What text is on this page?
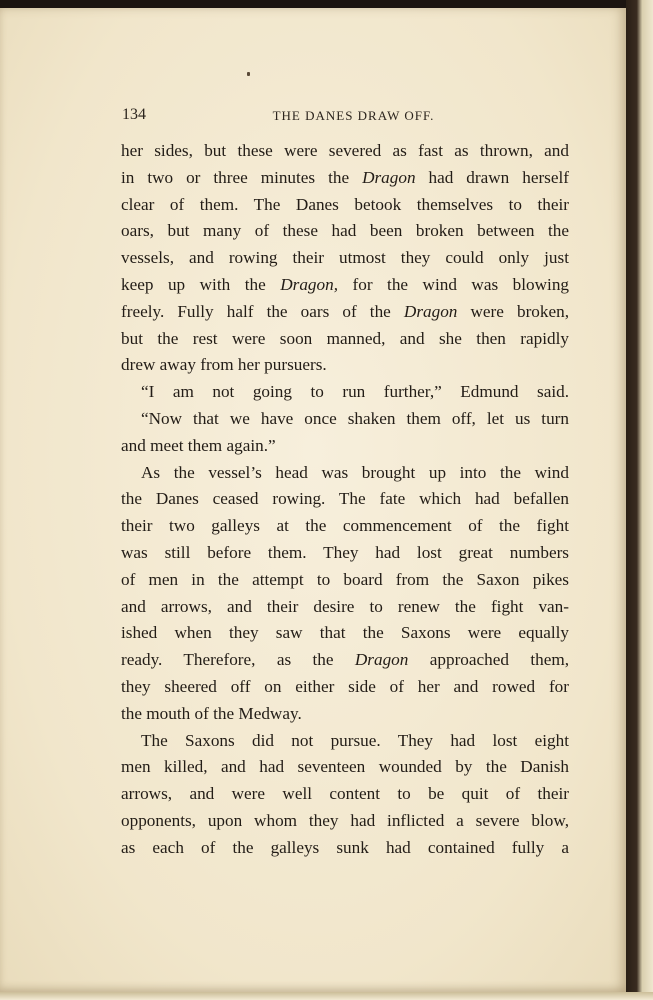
134	THE DANES DRAW OFF.
her sides, but these were severed as fast as thrown, and
in two or three minutes the Dragon had drawn herself
clear of them. The Danes betook themselves to their
oars, but many of these had been broken between the
vessels, and rowing their utmost they could only just
keep up with the Dragon, for the wind was blowing
freely. Fully half the oars of the Dragon were broken,
but the rest were soon manned, and she then rapidly
drew away from her pursuers.
“I am not going to run further,” Edmund said.
“Now that we have once shaken them off, let us turn
and meet them again.”
As the vessel’s head was brought up into the wind
the Danes ceased rowing. The fate which had befallen
their two galleys at the commencement of the fight
was still before them. They had lost great numbers
of men in the attempt to board from the Saxon pikes
and arrows, and their desire to renew the fight van-
ished when they saw that the Saxons were equally
ready. Therefore, as the Dragon approached them,
they sheered off on either side of her and rowed for
the mouth of the Medway.
The Saxons did not pursue. They had lost eight
men killed, and had seventeen wounded by the Danish
arrows, and were well content to be quit of their
opponents, upon whom they had inflicted a severe blow,
as each of the galleys sunk had contained fully a
